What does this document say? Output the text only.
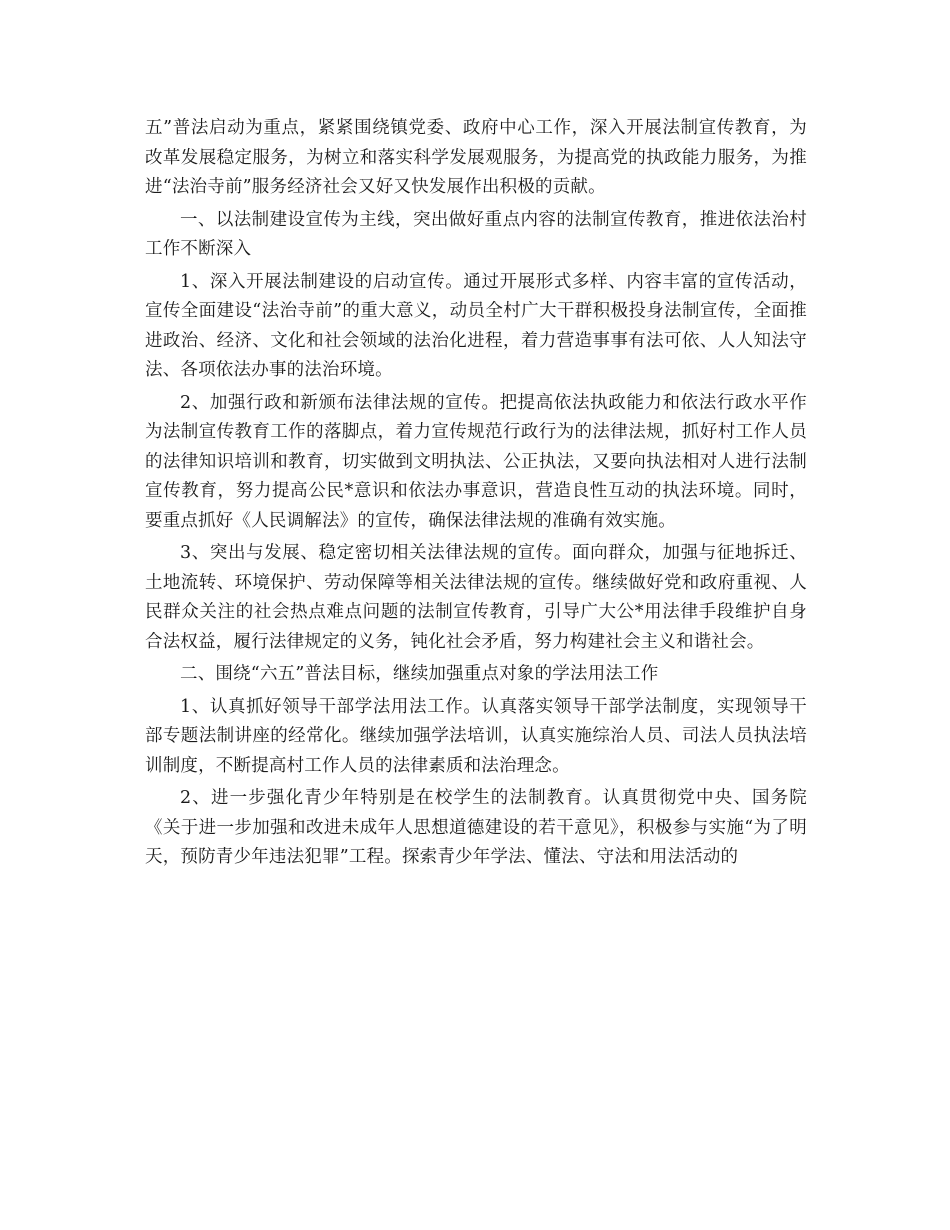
五”普法启动为重点，紧紧围绕镇党委、政府中心工作，深入开展法制宣传教育，为改革发展稳定服务，为树立和落实科学发展观服务，为提高党的执政能力服务，为推进“法治寺前”服务经济社会又好又快发展作出积极的贡献。

一、以法制建设宣传为主线，突出做好重点内容的法制宣传教育，推进依法治村工作不断深入

1、深入开展法制建设的启动宣传。通过开展形式多样、内容丰富的宣传活动，宣传全面建设“法治寺前”的重大意义，动员全村广大干群积极投身法制宣传，全面推进政治、经济、文化和社会领域的法治化进程，着力营造事事有法可依、人人知法守法、各项依法办事的法治环境。

2、加强行政和新颁布法律法规的宣传。把提高依法执政能力和依法行政水平作为法制宣传教育工作的落脚点，着力宣传规范行政行为的法律法规，抓好村工作人员的法律知识培训和教育，切实做到文明执法、公正执法，又要向执法相对人进行法制宣传教育，努力提高公民*意识和依法办事意识，营造良性互动的执法环境。同时，要重点抓好《人民调解法》的宣传，确保法律法规的准确有效实施。

3、突出与发展、稳定密切相关法律法规的宣传。面向群众，加强与征地拆迁、土地流转、环境保护、劳动保障等相关法律法规的宣传。继续做好党和政府重视、人民群众关注的社会热点难点问题的法制宣传教育，引导广大公*用法律手段维护自身合法权益，履行法律规定的义务，钝化社会矛盾，努力构建社会主义和谐社会。

二、围绕“六五”普法目标，继续加强重点对象的学法用法工作

1、认真抓好领导干部学法用法工作。认真落实领导干部学法制度，实现领导干部专题法制讲座的经常化。继续加强学法培训，认真实施综治人员、司法人员执法培训制度，不断提高村工作人员的法律素质和法治理念。

2、进一步强化青少年特别是在校学生的法制教育。认真贯彻党中央、国务院《关于进一步加强和改进未成年人思想道德建设的若干意见》，积极参与实施“为了明天，预防青少年违法犯罪”工程。探索青少年学法、懂法、守法和用法活动的
